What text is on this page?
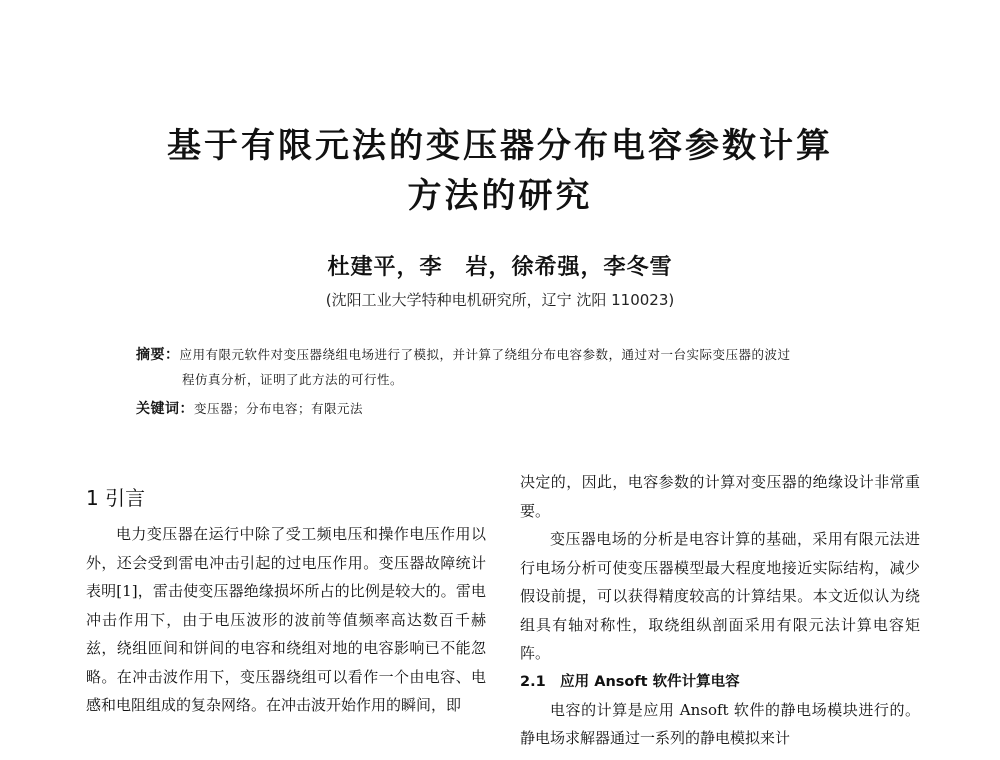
基于有限元法的变压器分布电容参数计算
方法的研究
杜建平，李　岩，徐希强，李冬雪
(沈阳工业大学特种电机研究所，辽宁 沈阳 110023)
摘要：应用有限元软件对变压器绕组电场进行了模拟，并计算了绕组分布电容参数，通过对一台实际变压器的波过
程仿真分析，证明了此方法的可行性。
关键词：变压器；分布电容；有限元法
1 引言

电力变压器在运行中除了受工频电压和操作电压作用以外，还会受到雷电冲击引起的过电压作用。变压器故障统计表明[1]，雷击使变压器绝缘损坏所占的比例是较大的。雷电冲击作用下，由于电压波形的波前等值频率高达数百千赫兹，绕组匝间和饼间的电容和绕组对地的电容影响已不能忽略。在冲击波作用下，变压器绕组可以看作一个由电容、电感和电阻组成的复杂网络。在冲击波开始作用的瞬间，即

决定的，因此，电容参数的计算对变压器的绝缘设计非常重要。

变压器电场的分析是电容计算的基础，采用有限元法进行电场分析可使变压器模型最大程度地接近实际结构，减少假设前提，可以获得精度较高的计算结果。本文近似认为绕组具有轴对称性，取绕组纵剖面采用有限元法计算电容矩阵。

2.1　应用 Ansoft 软件计算电容

电容的计算是应用 Ansoft 软件的静电场模块进行的。静电场求解器通过一系列的静电模拟来计
